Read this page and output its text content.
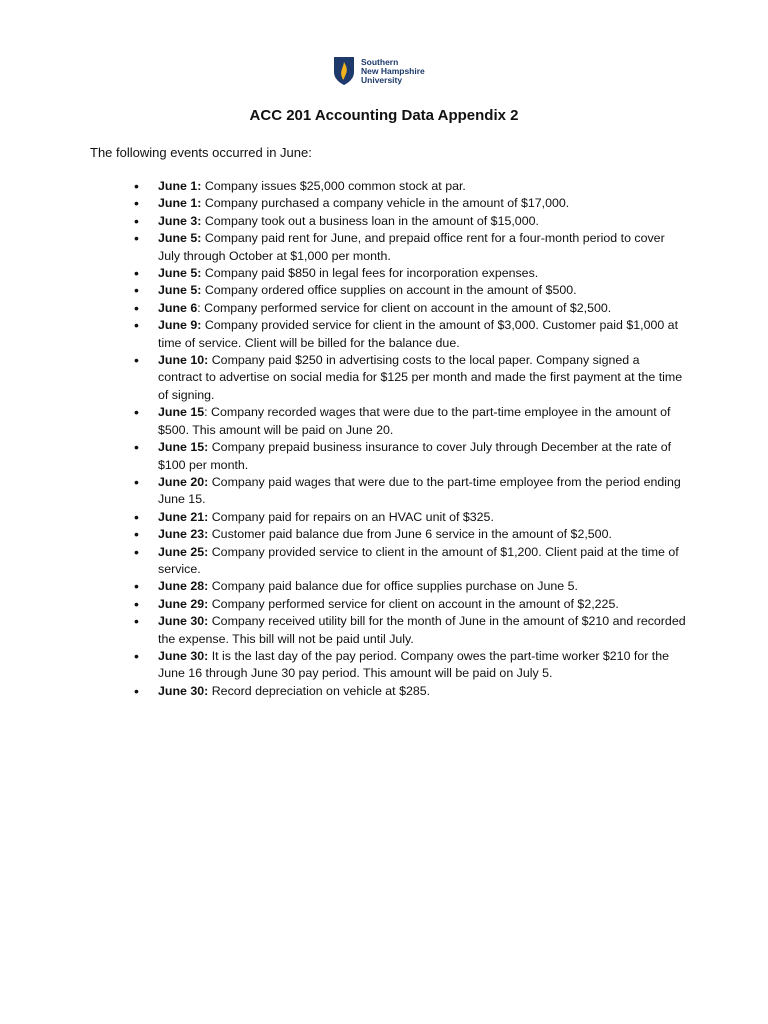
Southern
New Hampshire
University
ACC 201 Accounting Data Appendix 2
The following events occurred in June:
• June 1: Company issues $25,000 common stock at par.
• June 1: Company purchased a company vehicle in the amount of $17,000.
• June 3: Company took out a business loan in the amount of $15,000.
• June 5: Company paid rent for June, and prepaid office rent for a four-month period to cover July through October at $1,000 per month.
• June 5: Company paid $850 in legal fees for incorporation expenses.
• June 5: Company ordered office supplies on account in the amount of $500.
• June 6: Company performed service for client on account in the amount of $2,500.
• June 9: Company provided service for client in the amount of $3,000. Customer paid $1,000 at time of service. Client will be billed for the balance due.
• June 10: Company paid $250 in advertising costs to the local paper. Company signed a contract to advertise on social media for $125 per month and made the first payment at the time of signing.
• June 15: Company recorded wages that were due to the part-time employee in the amount of $500. This amount will be paid on June 20.
• June 15: Company prepaid business insurance to cover July through December at the rate of $100 per month.
• June 20: Company paid wages that were due to the part-time employee from the period ending June 15.
• June 21: Company paid for repairs on an HVAC unit of $325.
• June 23: Customer paid balance due from June 6 service in the amount of $2,500.
• June 25: Company provided service to client in the amount of $1,200. Client paid at the time of service.
• June 28: Company paid balance due for office supplies purchase on June 5.
• June 29: Company performed service for client on account in the amount of $2,225.
• June 30: Company received utility bill for the month of June in the amount of $210 and recorded the expense. This bill will not be paid until July.
• June 30: It is the last day of the pay period. Company owes the part-time worker $210 for the June 16 through June 30 pay period. This amount will be paid on July 5.
• June 30: Record depreciation on vehicle at $285.
